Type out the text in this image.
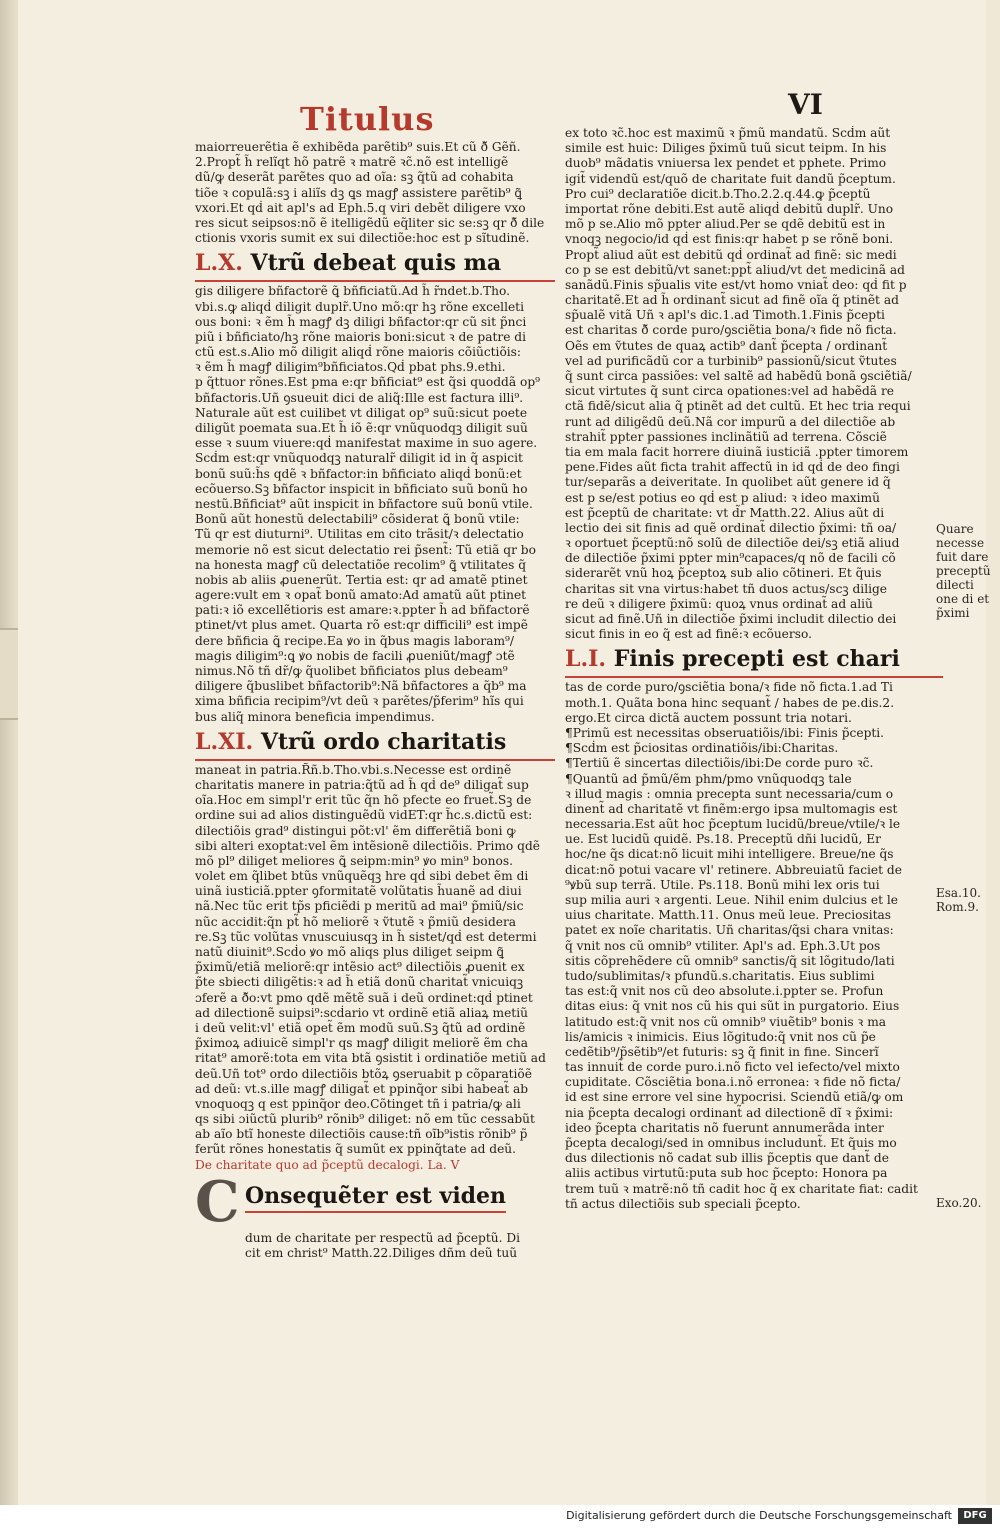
Titulus	VI
maiorreuerẽtia ẽ exhibẽda parẽtib⁹ suis.Et cũ ð̃ Gẽñ.
2.Propt̃ h̃ relĩqt hõ patrẽ ꝛ matrẽ ꝛc̃.nõ est intelligẽ
dũ/ꝙ deserãt parẽtes quo ad oĩa: sꝫ q̃tũ ad cohabita
tiõe ꝛ copulã:sꝫ i aliĩs dꝫ ꝗs magꝭ assistere parẽtib⁹ ꝗ̃
vxori.Et qḋ ait apl's ad Eph.5.q viri debẽt diligere vxo
res sicut seipsos:nõ ẽ itelligẽdũ eq̃liter sic se:sꝫ qr ð̃ dile
ctionis vxoris sumit ex sui dilectiõe:hoc est p sĩtudinẽ.
L.X. Vtrũ debeat quis ma
gis diligere bñfactorẽ ꝗ̃ bñficiatũ.Ad h̃ r̃ndet.b.Tho.
vbi.s.ꝙ aliqḋ diligit duplr̃.Uno mõ:qr hꝫ rõne excelleti
ous boni: ꝛ ẽm h̃ magꝭ dꝫ diligi bñfactor:qr cũ sit p̃nci
piũ i bñficiato/hꝫ rõne maioris boni:sicut ꝛ de patre di
ctũ est.s.Alio mõ diligit aliqḋ rõne maioris cõiũctiõis:
ꝛ ẽm h̃ magꝭ diligim⁹bñficiatos.Qḋ pbat phs.9.ethi.
p q̃ttuor rõnes.Est pma e:qr bñficiat⁹ est q̃si quoddã op⁹
bñfactoris.Uñ ꝯsueuit dici de aliq̃:Ille est factura illi⁹.
Naturale aũt est cuilibet vt diligat op⁹ suũ:sicut poete
diligũt poemata sua.Et h̃ iõ ẽ:qr vnũquodqꝫ diligit suũ
esse ꝛ suum viuere:qḋ manifestat maxime in suo agere.
Scḋm est:qr vnũquodqꝫ naturalr̃ diligit id in q̃ aspicit
bonũ suũ:h̃s qdẽ ꝛ bñfactor:in bñficiato aliqḋ bonũ:et
ecõuerso.Sꝫ bñfactor inspicit in bñficiato suũ bonũ ho
nestũ.Bñficiat⁹ aũt inspicit in bñfactore suũ bonũ vtile.
Bonũ aũt honestũ delectabili⁹ cõsiderat ꝗ̃ bonũ vtile:
Tũ qr est diuturni⁹. Utilitas em cito trãsit/ꝛ delectatio
memorie nõ est sicut delectatio rei p̃sent̃: Tũ etiã qr bo
na honesta magꝭ cũ delectatiõe recolim⁹ ꝗ̃ vtilitates q̃
nobis ab aliis ꝓuenerũt. Tertia est: qr ad amatẽ ptinet
agere:vult em ꝛ opat̃ bonũ amato:Ad amatũ aũt ptinet
pati:ꝛ iõ excellẽtioris est amare:ꝛ.ppter h̃ ad bñfactorẽ
ptinet/vt plus amet. Quarta rõ est:qr difficili⁹ est impẽ
dere bñficia ꝗ̃ recipe.Ea ꝟo in q̃bus magis laboram⁹/
magis diligim⁹:ꝗ ꝟo nobis de facili ꝓueniũt/magꝭ ɔtẽ
nimus.Nõ tñ dr̃/ꝙ q̃uolibet bñficiatos plus debeam⁹
diligere q̃buslibet bñfactorib⁹:Nã bñfactores a q̃b⁹ ma
xima bñficia recipim⁹/vt deũ ꝛ parẽtes/p̃ferim⁹ hĩs qui
bus aliq̃ minora beneficia impendimus.
L.XI. Vtrũ ordo charitatis
maneat in patria.R̃ñ.b.Tho.vbi.s.Necesse est ordinẽ
charitatis manere in patria:q̃tũ ad h̃ qḋ de⁹ diligat̃ sup
oĩa.Hoc em simpl'r erit tũc q̃n hõ pfecte eo fruet̃.Sꝫ de
ordine sui ad alios distinguẽdũ vidET:qr h̃c.s.dictũ est:
dilectiõis grad⁹ distingui põt:vl' ẽm differẽtiã boni ꝙ
sibi alteri exoptat:vel ẽm intẽsionẽ dilectiõis. Primo qdẽ
mõ pl⁹ diliget meliores ꝗ̃ seipm:min⁹ ꝟo min⁹ bonos.
volet em q̃libet btũs vnũquẽqꝫ hre qḋ sibi debet ẽm di
uinã iusticiã.ppter ꝯformitatẽ volũtatis h̃uanẽ ad diui
nã.Nec tũc erit tp̃s pficiẽdi p meritũ ad mai⁹ p̃miũ/sic
nũc accidit:q̃n pt̃ hõ meliorẽ ꝛ ṽtutẽ ꝛ p̃miũ desidera
re.Sꝫ tũc volũtas vnuscuiusqꝫ in h̃ sistet/qḋ est determi
natũ diuinit⁹.Scḋo ꝟo mõ aliqs plus diliget seipm ꝗ̃
p̃ximũ/etiã meliorẽ:qr intẽsio act⁹ dilectiõis ꝓuenit ex
p̃te sbiecti diligẽtis:ꝛ ad h̃ etiã donũ charitat̃ vnicuiqꝫ
ɔferẽ a ð̃o:vt pmo qdẽ mẽtẽ suã i deũ ordinet:qḋ ptinet
ad dilectionẽ suipsi⁹:scḋario vt ordinẽ etiã aliaꝝ metiũ
i deũ velit:vl' etiã opet̃ ẽm modũ suũ.Sꝫ q̃tũ ad ordinẽ
p̃ximoꝝ adiuicẽ simpl'r qs magꝭ diligit meliorẽ ẽm cha
ritat⁹ amorẽ:tota em vita btã ꝯsistit i ordinatiõe metiũ ad
deũ.Uñ tot⁹ ordo dilectiõis btõꝝ ꝯseruabit p cõparatiõẽ
ad deũ: vt.s.ille magꝭ diligat̃ et ppinq̃or sibi habeat̃ ab
vnoquoqꝫ q est ppinq̃or deo.Cõtinget tñ i patria/ꝙ ali
qs sibi ɔiũctũ plurib⁹ rõnib⁹ diliget: nõ em tũc cessabũt
ab aĩo btĩ honeste dilectiõis cause:tñ oĩb⁹istis rõnib⁹ p̃
ferũt rõnes honestatis q̃ sumũt ex ppinq̃tate ad deũ.
De charitate quo ad p̃ceptũ decalogi. La. V
C Onsequẽter est viden
dum de charitate per respectũ ad p̃ceptũ. Di
cit em christ⁹ Matth.22.Diliges dñm deũ tuũ
ex toto ꝛc̃.hoc est maximũ ꝛ p̃mũ mandatũ. Scḋm aũt
simile est huic: Diliges p̃ximũ tuũ sicut teipm. In his
duob⁹ mãdatis vniuersa lex pendet et pphete. Primo
igit̃ videndũ est/quõ de charitate fuit dandũ p̃ceptum.
Pro cui⁹ declaratiõe dicit.b.Tho.2.2.q.44.ꝙ p̃ceptũ
importat rõne debiti.Est autẽ aliqḋ debitũ duplr̃. Uno
mõ p se.Alio mõ ppter aliud.Per se qdẽ debitũ est in
vnoqꝫ negocio/id qḋ est finis:qr habet p se rõnẽ boni.
Propt̃ aliud aũt est debitũ qḋ ordinat̃ ad finẽ: sic medi
co p se est debitũ/vt sanet:ppt̃ aliud/vt det medicinã ad
sanãdũ.Finis sp̃ualis vite est/vt homo vniat̃ deo: qḋ fit p
charitatẽ.Et ad h̃ ordinant̃ sicut ad finẽ oĩa q̃ ptinẽt ad
sp̃ualẽ vitã Uñ ꝛ apl's dic.1.ad Timoth.1.Finis p̃cepti
est charitas ð̃ corde puro/ꝯsciẽtia bona/ꝛ fide nõ ficta.
Oẽs em ṽtutes de quaꝝ actib⁹ dant̃ p̃cepta / ordinant̃
vel ad purificãdũ cor a turbinib⁹ passionũ/sicut ṽtutes
q̃ sunt circa passiões: vel saltẽ ad habẽdũ bonã ꝯsciẽtiã/
sicut virtutes q̃ sunt circa opationes:vel ad habẽdã re
ctã fidẽ/sicut alia q̃ ptinẽt ad det cultũ. Et hec tria requi
runt ad diligẽdũ deũ.Nã cor impurũ a del dilectiõe ab
strahit̃ ppter passiones inclinãtiũ ad terrena. Cõsciẽ
tia em mala facit horrere diuinã iusticiã .ppter timorem
pene.Fides aũt ficta trahit affectũ in id qḋ de deo fingi
tur/separãs a deiveritate. In quolibet aũt genere id q̃
est p se/est potius eo qḋ est p aliud: ꝛ ideo maximũ
est p̃ceptũ de charitate: vt d̃r Matth.22. Alius aũt di
lectio dei sit finis ad quẽ ordinat̃ dilectio p̃ximi: tñ oa/
ꝛ oportuet p̃ceptũ:nõ solũ de dilectiõe dei/sꝫ etiã aliud
de dilectiõe p̃ximi ppter min⁹capaces/q nõ de facili cõ
siderarẽt vnũ hoꝝ p̃ceptoꝝ sub alio cõtineri. Et q̃uis
charitas sit vna virtus:habet tñ duos actus/scꝫ dilige
re deũ ꝛ diligere p̃ximũ: quoꝝ vnus ordinat̃ ad aliũ
sicut ad finẽ.Uñ in dilectiõe p̃ximi includit dilectio dei
sicut finis in eo q̃ est ad finẽ:ꝛ ecõuerso.
L.I. Finis precepti est chari
tas de corde puro/ꝯsciẽtia bona/ꝛ fide nõ ficta.1.ad Ti
moth.1. Quãta bona hinc sequant̃ / habes de pe.dis.2.
ergo.Et circa dictã auctem possunt tria notari.
¶Primũ est necessitas obseruatiõis/ibi: Finis p̃cepti.
¶Scḋm est p̃ciositas ordinatiõis/ibi:Charitas.
¶Tertiũ ẽ sincertas dilectiõis/ibi:De corde puro ꝛc̃.
¶Quantũ ad p̃mũ/ẽm phm/pmo vnũquodqꝫ tale
ꝛ illud magis : omnia precepta sunt necessaria/cum o
dinent̃ ad charitatẽ vt finẽm:ergo ipsa multomagis est
necessaria.Est aũt hoc p̃ceptum lucidũ/breue/vtile/ꝛ le
ue. Est lucidũ quidẽ. Ps.18. Preceptũ dñi lucidũ, Er
hoc/ne q̃s dicat:nõ licuit mihi intelligere. Breue/ne q̃s
dicat:nõ potui vacare vl' retinere. Abbreuiatũ faciet de
⁹ꝟbũ sup terrã. Utile. Ps.118. Bonũ mihi lex oris tui
sup milia auri ꝛ argenti. Leue. Nihil enim dulcius et le
uius charitate. Matth.11. Onus meũ leue. Preciositas
patet ex noĩe charitatis. Uñ charitas/q̃si chara vnitas:
q̃ vnit nos cũ omnib⁹ vtiliter. Apl's ad. Eph.3.Ut pos
sitis cõprehẽdere cũ omnib⁹ sanctis/q̃ sit lõgitudo/lati
tudo/sublimitas/ꝛ pfundũ.s.charitatis. Eius sublimi
tas est:q̃ vnit nos cũ deo absolute.i.ppter se. Profun
ditas eius: q̃ vnit nos cũ his qui sũt in purgatorio. Eius
latitudo est:q̃ vnit nos cũ omnib⁹ viuẽtib⁹ bonis ꝛ ma
lis/amicis ꝛ inimicis. Eius lõgitudo:q̃ vnit nos cũ p̃e
cedẽtib⁹/p̃sẽtib⁹/et futuris: sꝫ q̃ finit in fine. Sincerĩ
tas innuit̃ de corde puro.i.nõ ficto vel iefecto/vel mixto
cupiditate. Cõsciẽtia bona.i.nõ erronea: ꝛ fide nõ ficta/
id est sine errore vel sine hypocrisi. Sciendũ etiã/ꝙ om
nia p̃cepta decalogi ordinant̃ ad dilectionẽ dĩ ꝛ p̃ximi:
ideo p̃cepta charitatis nõ fuerunt annumerãda inter
p̃cepta decalogi/sed in omnibus includunt̃. Et q̃uis mo
dus dilectionis nõ cadat sub illis p̃ceptis que dant̃ de
aliis actibus virtutũ:puta sub hoc p̃cepto: Honora pa
trem tuũ ꝛ matrẽ:nõ tñ cadit hoc q̃ ex charitate fiat: cadit
tñ actus dilectiõis sub speciali p̃cepto.
Quare
necesse
fuit dare
preceptũ
dilecti
one di et
p̃ximi
Esa.10.
Rom.9.
Exo.20.
Digitalisierung gefördert durch die Deutsche Forschungsgemeinschaft	DFG
